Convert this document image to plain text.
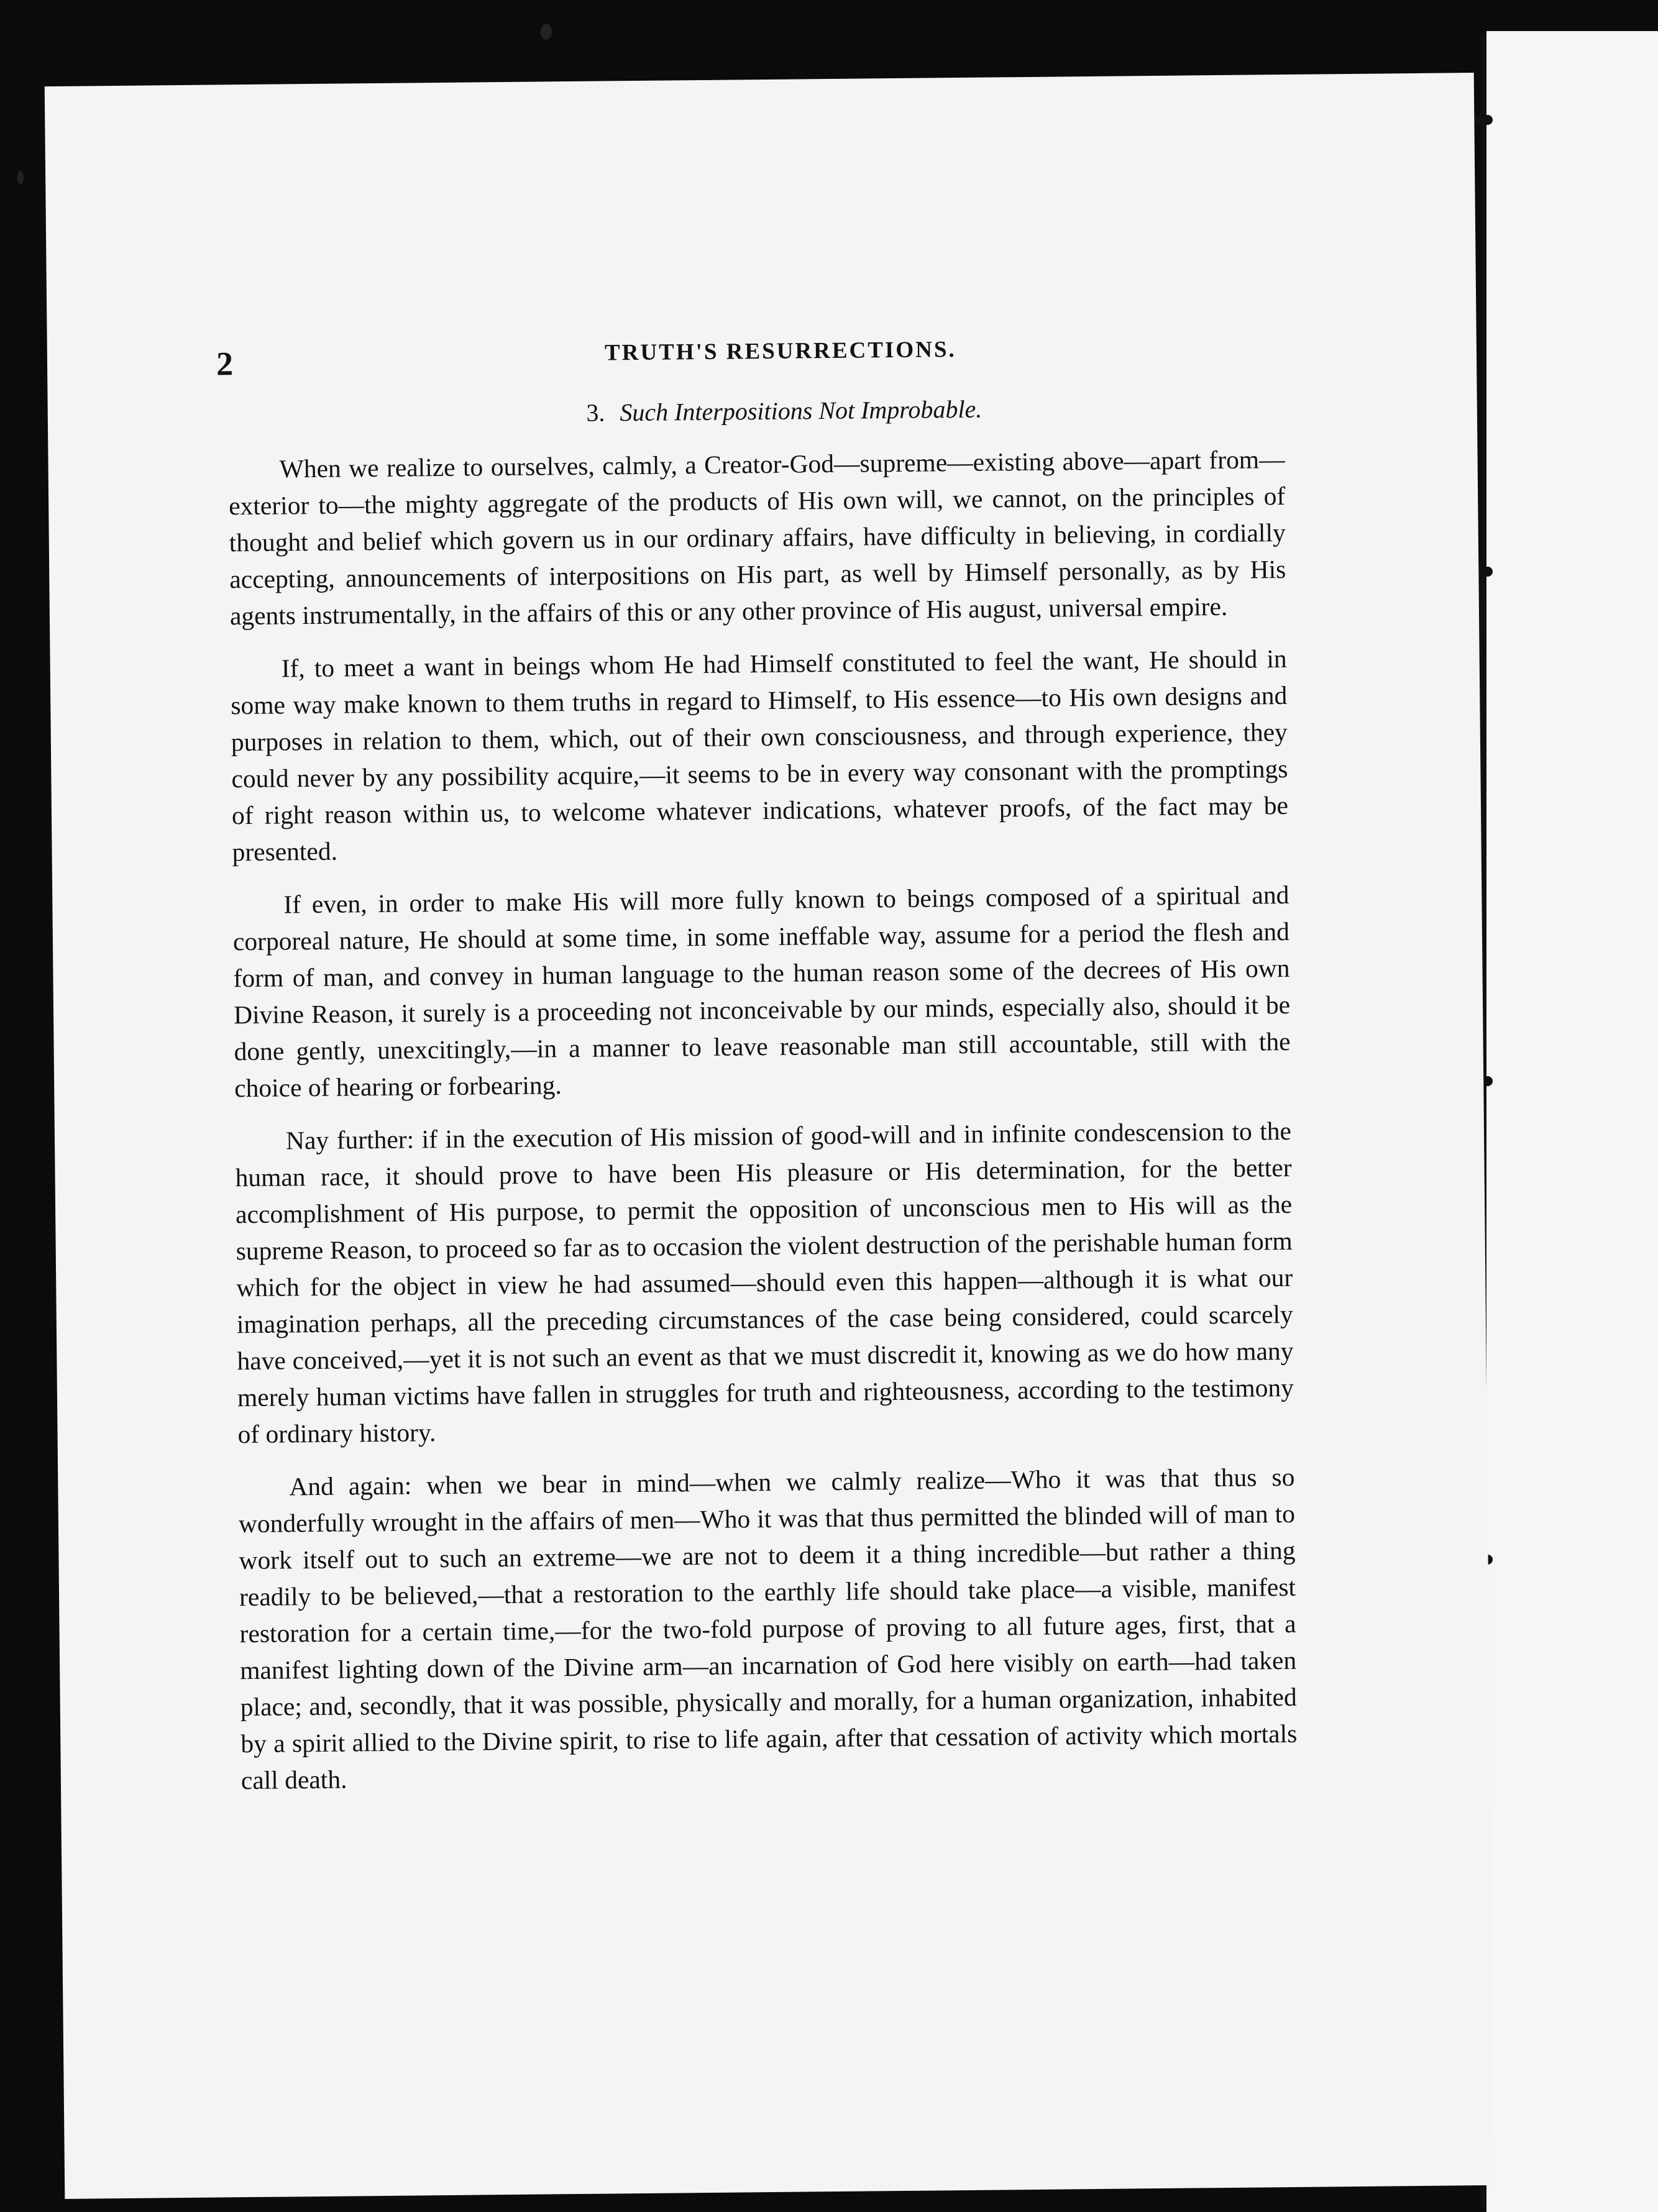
2	TRUTH'S RESURRECTIONS.
3. Such Interpositions Not Improbable.

When we realize to ourselves, calmly, a Creator-God—supreme—existing above—apart from—exterior to—the mighty aggregate of the products of His own will, we cannot, on the principles of thought and belief which govern us in our ordinary affairs, have difficulty in believing, in cordially accepting, announcements of interpositions on His part, as well by Himself personally, as by His agents instrumentally, in the affairs of this or any other province of His august, universal empire.

If, to meet a want in beings whom He had Himself constituted to feel the want, He should in some way make known to them truths in regard to Himself, to His essence—to His own designs and purposes in relation to them, which, out of their own consciousness, and through experience, they could never by any possibility acquire,—it seems to be in every way consonant with the promptings of right reason within us, to welcome whatever indications, whatever proofs, of the fact may be presented.

If even, in order to make His will more fully known to beings composed of a spiritual and corporeal nature, He should at some time, in some ineffable way, assume for a period the flesh and form of man, and convey in human language to the human reason some of the decrees of His own Divine Reason, it surely is a proceeding not inconceivable by our minds, especially also, should it be done gently, unexcitingly,—in a manner to leave reasonable man still accountable, still with the choice of hearing or forbearing.

Nay further: if in the execution of His mission of good-will and in infinite condescension to the human race, it should prove to have been His pleasure or His determination, for the better accomplishment of His purpose, to permit the opposition of unconscious men to His will as the supreme Reason, to proceed so far as to occasion the violent destruction of the perishable human form which for the object in view he had assumed—should even this happen—although it is what our imagination perhaps, all the preceding circumstances of the case being considered, could scarcely have conceived,—yet it is not such an event as that we must discredit it, knowing as we do how many merely human victims have fallen in struggles for truth and righteousness, according to the testimony of ordinary history.

And again: when we bear in mind—when we calmly realize—Who it was that thus so wonderfully wrought in the affairs of men—Who it was that thus permitted the blinded will of man to work itself out to such an extreme—we are not to deem it a thing incredible—but rather a thing readily to be believed,—that a restoration to the earthly life should take place—a visible, manifest restoration for a certain time,—for the two-fold purpose of proving to all future ages, first, that a manifest lighting down of the Divine arm—an incarnation of God here visibly on earth—had taken place; and, secondly, that it was possible, physically and morally, for a human organization, inhabited by a spirit allied to the Divine spirit, to rise to life again, after that cessation of activity which mortals call death.
